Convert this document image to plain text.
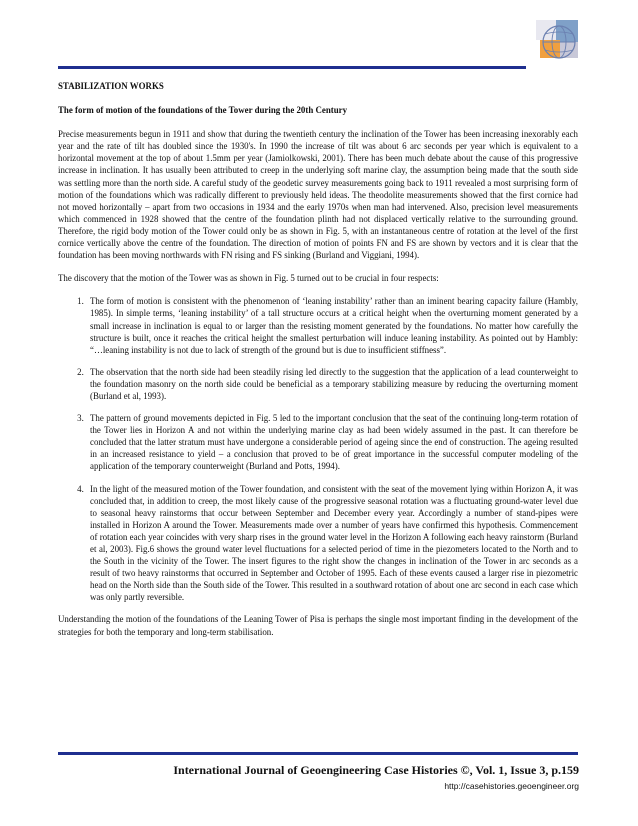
STABILIZATION WORKS
The form of motion of the foundations of the Tower during the 20th Century

Precise measurements begun in 1911 and show that during the twentieth century the inclination of the Tower has been increasing inexorably each year and the rate of tilt has doubled since the 1930's. In 1990 the increase of tilt was about 6 arc seconds per year which is equivalent to a horizontal movement at the top of about 1.5mm per year (Jamiolkowski, 2001). There has been much debate about the cause of this progressive increase in inclination. It has usually been attributed to creep in the underlying soft marine clay, the assumption being made that the south side was settling more than the north side. A careful study of the geodetic survey measurements going back to 1911 revealed a most surprising form of motion of the foundations which was radically different to previously held ideas. The theodolite measurements showed that the first cornice had not moved horizontally – apart from two occasions in 1934 and the early 1970s when man had intervened. Also, precision level measurements which commenced in 1928 showed that the centre of the foundation plinth had not displaced vertically relative to the surrounding ground. Therefore, the rigid body motion of the Tower could only be as shown in Fig. 5, with an instantaneous centre of rotation at the level of the first cornice vertically above the centre of the foundation. The direction of motion of points FN and FS are shown by vectors and it is clear that the foundation has been moving northwards with FN rising and FS sinking (Burland and Viggiani, 1994).

The discovery that the motion of the Tower was as shown in Fig. 5 turned out to be crucial in four respects:

1. The form of motion is consistent with the phenomenon of ‘leaning instability’ rather than an iminent bearing capacity failure (Hambly, 1985). In simple terms, ‘leaning instability’ of a tall structure occurs at a critical height when the overturning moment generated by a small increase in inclination is equal to or larger than the resisting moment generated by the foundations. No matter how carefully the structure is built, once it reaches the critical height the smallest perturbation will induce leaning instability. As pointed out by Hambly: “…leaning instability is not due to lack of strength of the ground but is due to insufficient stiffness”.
2. The observation that the north side had been steadily rising led directly to the suggestion that the application of a lead counterweight to the foundation masonry on the north side could be beneficial as a temporary stabilizing measure by reducing the overturning moment (Burland et al, 1993).
3. The pattern of ground movements depicted in Fig. 5 led to the important conclusion that the seat of the continuing long-term rotation of the Tower lies in Horizon A and not within the underlying marine clay as had been widely assumed in the past. It can therefore be concluded that the latter stratum must have undergone a considerable period of ageing since the end of construction. The ageing resulted in an increased resistance to yield – a conclusion that proved to be of great importance in the successful computer modeling of the application of the temporary counterweight (Burland and Potts, 1994).
4. In the light of the measured motion of the Tower foundation, and consistent with the seat of the movement lying within Horizon A, it was concluded that, in addition to creep, the most likely cause of the progressive seasonal rotation was a fluctuating ground-water level due to seasonal heavy rainstorms that occur between September and December every year. Accordingly a number of stand-pipes were installed in Horizon A around the Tower. Measurements made over a number of years have confirmed this hypothesis. Commencement of rotation each year coincides with very sharp rises in the ground water level in the Horizon A following each heavy rainstorm (Burland et al, 2003). Fig.6 shows the ground water level fluctuations for a selected period of time in the piezometers located to the North and to the South in the vicinity of the Tower. The insert figures to the right show the changes in inclination of the Tower in arc seconds as a result of two heavy rainstorms that occurred in September and October of 1995. Each of these events caused a larger rise in piezometric head on the North side than the South side of the Tower. This resulted in a southward rotation of about one arc second in each case which was only partly reversible.

Understanding the motion of the foundations of the Leaning Tower of Pisa is perhaps the single most important finding in the development of the strategies for both the temporary and long-term stabilisation.

International Journal of Geoengineering Case Histories ©, Vol. 1, Issue 3, p.159
http://casehistories.geoengineer.org
